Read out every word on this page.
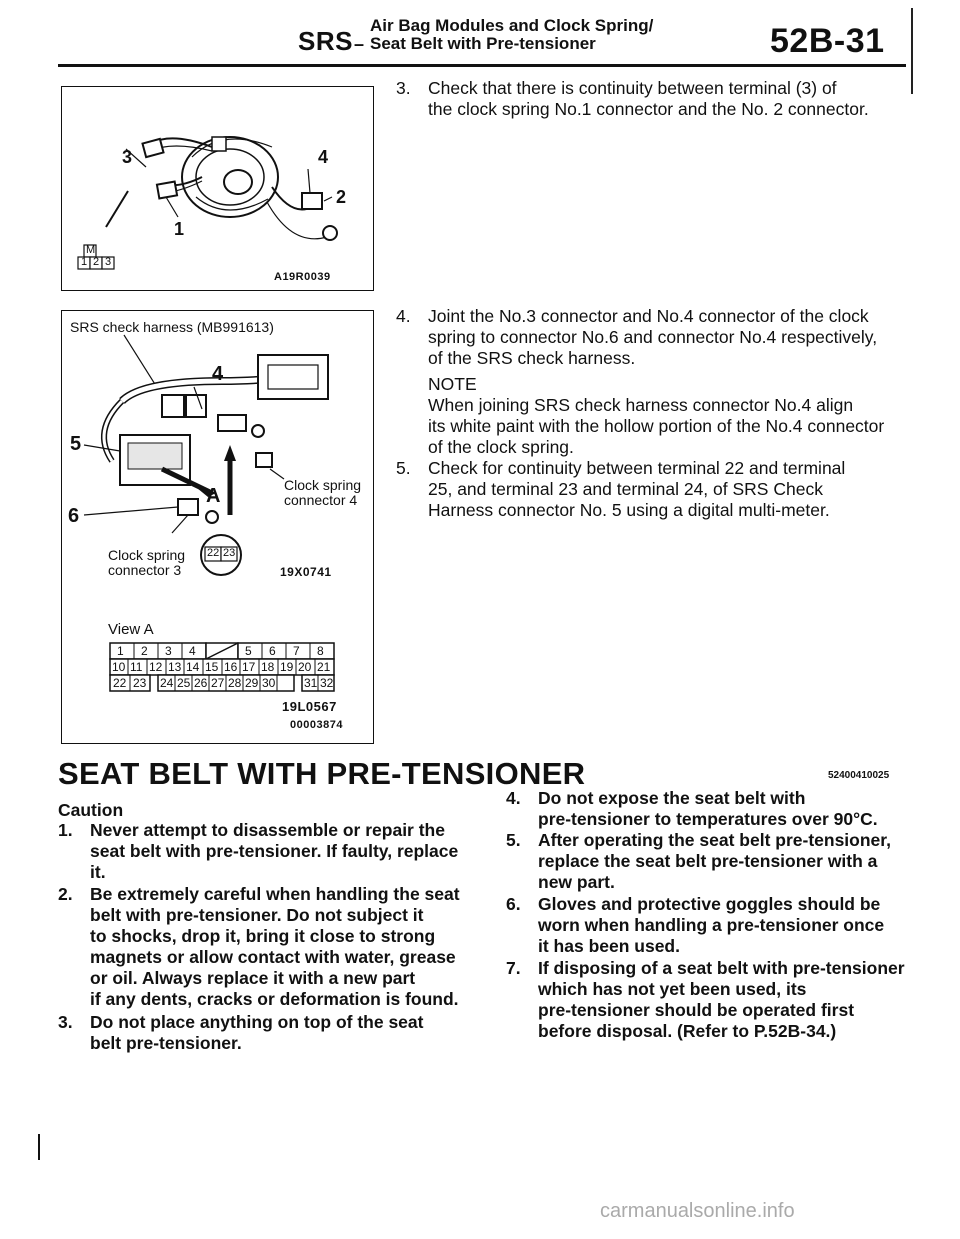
Air Bag Modules and Clock Spring/
SRS – Seat Belt with Pre-tensioner	52B-31
3	4
2
1
M
1 2 3
A19R0039
SRS check harness (MB991613)
4
5
A
6
Clock spring
connector 4
Clock spring
connector 3
22 23
19X0741
View A
1 2 3 4	5 6 7 8
10 11 12 13 14 15 16 17 18 19 20 21
22 23 24 25 26 27 28 29 30 31 32
19L0567
00003874
3. Check that there is continuity between terminal (3) of
the clock spring No.1 connector and the No. 2 connector.
4. Joint the No.3 connector and No.4 connector of the clock
spring to connector No.6 and connector No.4 respectively,
of the SRS check harness.
NOTE
When joining SRS check harness connector No.4 align
its white paint with the hollow portion of the No.4 connector
of the clock spring.
5. Check for continuity between terminal 22 and terminal
25, and terminal 23 and terminal 24, of SRS Check
Harness connector No. 5 using a digital multi-meter.
SEAT BELT WITH PRE-TENSIONER	52400410025
Caution
1. Never attempt to disassemble or repair the
seat belt with pre-tensioner. If faulty, replace
it.
2. Be extremely careful when handling the seat
belt with pre-tensioner. Do not subject it
to shocks, drop it, bring it close to strong
magnets or allow contact with water, grease
or oil. Always replace it with a new part
if any dents, cracks or deformation is found.
3. Do not place anything on top of the seat
belt pre-tensioner.
4. Do not expose the seat belt with
pre-tensioner to temperatures over 90°C.
5. After operating the seat belt pre-tensioner,
replace the seat belt pre-tensioner with a
new part.
6. Gloves and protective goggles should be
worn when handling a pre-tensioner once
it has been used.
7. If disposing of a seat belt with pre-tensioner
which has not yet been used, its
pre-tensioner should be operated first
before disposal. (Refer to P.52B-34.)
carmanualsonline.info
